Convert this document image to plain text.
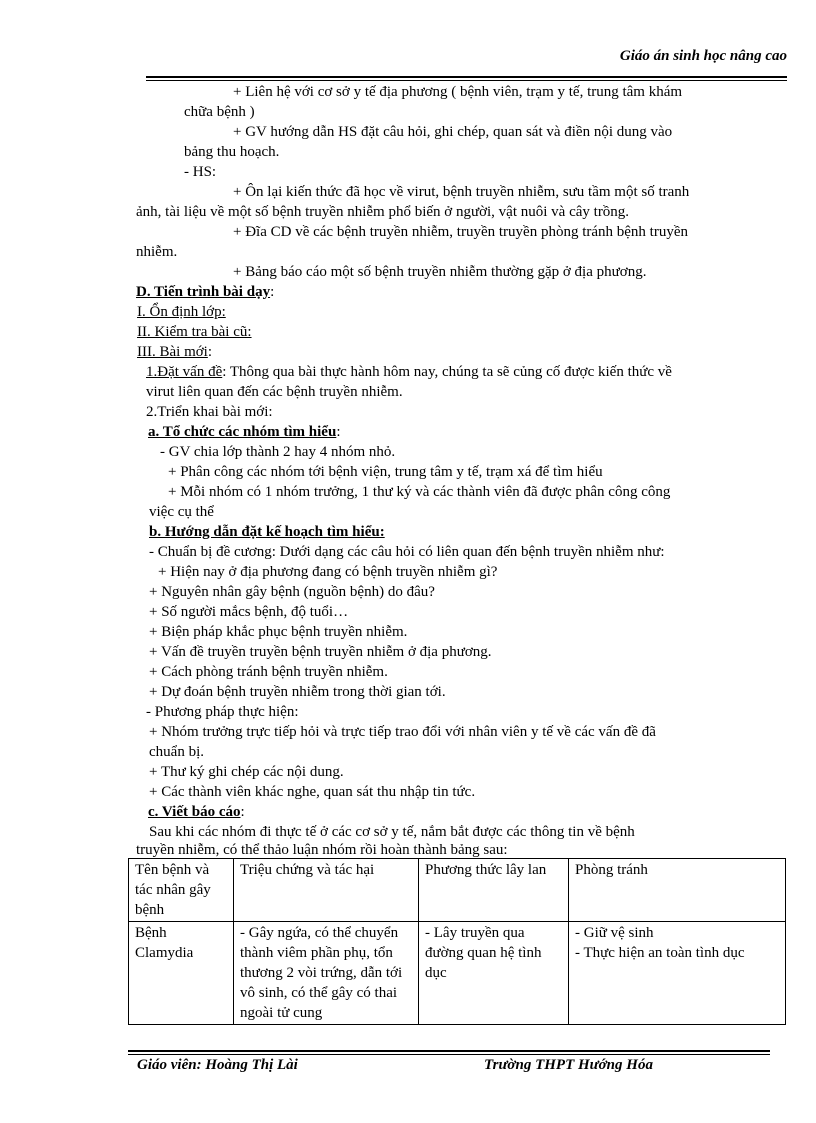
Giáo án sinh học nâng cao
+ Liên hệ với cơ sở y tế địa phương ( bệnh viên, trạm y tế, trung tâm khám
chữa bệnh )
+ GV hướng dẫn HS đặt câu hỏi, ghi chép, quan sát và điền nội dung vào
bảng thu hoạch.
- HS:
+ Ôn lại kiến thức đã học về virut, bệnh truyền nhiễm, sưu tầm một số tranh
ảnh, tài liệu về một số bệnh truyền nhiễm phổ biến ở người, vật nuôi và cây trồng.
+ Đĩa CD về các bệnh truyền nhiễm, truyền truyền phòng tránh bệnh truyền
nhiễm.
+ Bảng báo cáo một số bệnh truyền nhiễm thường gặp ở địa phương.
D. Tiến trình bài dạy:
I. Ổn định lớp:
II. Kiểm tra bài cũ:
III. Bài mới:
1.Đặt vấn đề: Thông qua bài thực hành hôm nay, chúng ta sẽ củng cố được kiến thức về
virut liên quan đến các bệnh truyền nhiễm.
2.Triển khai bài mới:
a. Tổ chức các nhóm tìm hiểu:
- GV chia lớp thành 2 hay 4 nhóm nhỏ.
+ Phân công các nhóm tới bệnh viện, trung tâm y tế, trạm xá để tìm hiểu
+ Mỗi nhóm có 1 nhóm trưởng, 1 thư ký và các thành viên đã được phân công công
việc cụ thể
b. Hướng dẫn đặt kế hoạch tìm hiểu:
- Chuẩn bị đề cương: Dưới dạng các câu hỏi có liên quan đến bệnh truyền nhiễm như:
+ Hiện nay ở địa phương đang có bệnh truyền nhiễm gì?
+ Nguyên nhân gây bệnh (nguồn bệnh) do đâu?
+ Số người mắcs bệnh, độ tuổi…
+ Biện pháp khắc phục bệnh truyền nhiễm.
+ Vấn đề truyền truyền bệnh truyền nhiễm ở địa phương.
+ Cách phòng tránh bệnh truyền nhiễm.
+ Dự đoán bệnh truyền nhiễm trong thời gian tới.
- Phương pháp thực hiện:
+ Nhóm trưởng trực tiếp hỏi và trực tiếp trao đổi với nhân viên y tế về các vấn đề đã
chuẩn bị.
+ Thư ký ghi chép các nội dung.
+ Các thành viên khác nghe, quan sát thu nhập tin tức.
c. Viết báo cáo:
Sau khi các nhóm đi thực tế ở các cơ sở y tế, nắm bắt được các thông tin về bệnh
truyền nhiễm, có thể thảo luận nhóm rồi hoàn thành bảng sau:
Tên bệnh và tác nhân gây bệnh	Triệu chứng và tác hại	Phương thức lây lan	Phòng tránh
Bệnh Clamydia	- Gây ngứa, có thể chuyển thành viêm phần phụ, tổn thương 2 vòi trứng, dẫn tới vô sinh, có thể gây có thai ngoài tử cung	- Lây truyền qua đường quan hệ tình dục	- Giữ vệ sinh
- Thực hiện an toàn tình dục
Giáo viên: Hoàng Thị Lài	Trường THPT Hướng Hóa
